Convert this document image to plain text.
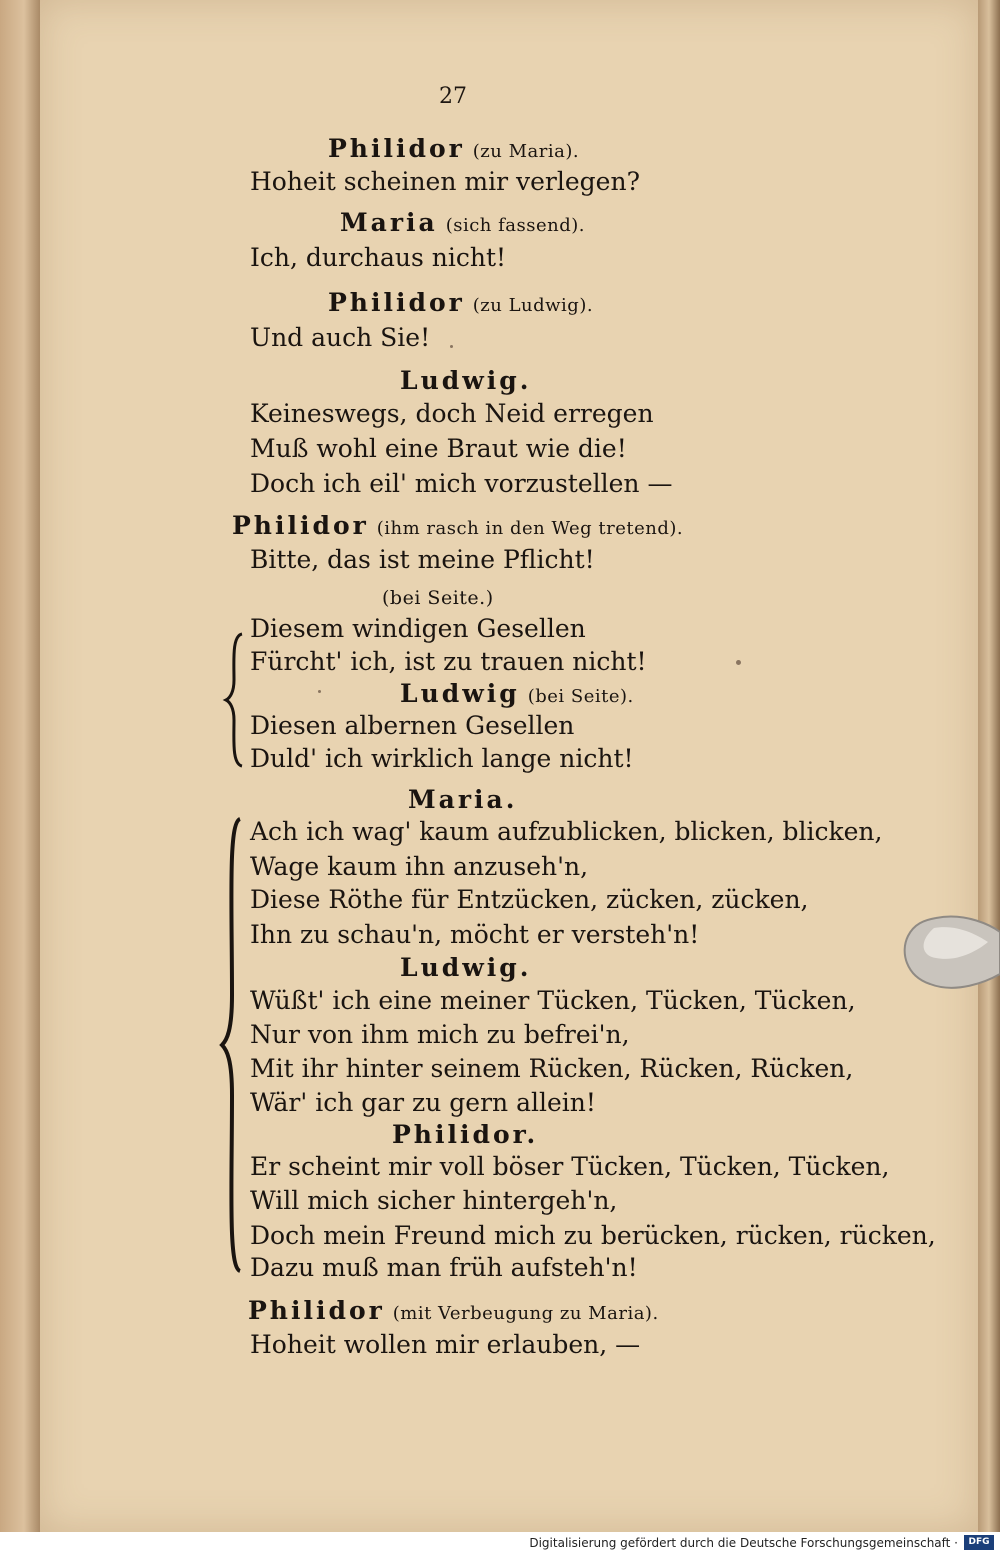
27
Philidor (zu Maria).
Hoheit scheinen mir verlegen?
Maria (sich fassend).
Ich, durchaus nicht!
Philidor (zu Ludwig).
Und auch Sie!
Ludwig.
Keineswegs, doch Neid erregen
Muß wohl eine Braut wie die!
Doch ich eil' mich vorzustellen —
Philidor (ihm rasch in den Weg tretend).
Bitte, das ist meine Pflicht!
(bei Seite.)
Diesem windigen Gesellen
Fürcht' ich, ist zu trauen nicht!
Ludwig (bei Seite).
Diesen albernen Gesellen
Duld' ich wirklich lange nicht!
Maria.
Ach ich wag' kaum aufzublicken, blicken, blicken,
Wage kaum ihn anzuseh'n,
Diese Röthe für Entzücken, zücken, zücken,
Ihn zu schau'n, möcht er versteh'n!
Ludwig.
Wüßt' ich eine meiner Tücken, Tücken, Tücken,
Nur von ihm mich zu befrei'n,
Mit ihr hinter seinem Rücken, Rücken, Rücken,
Wär' ich gar zu gern allein!
Philidor.
Er scheint mir voll böser Tücken, Tücken, Tücken,
Will mich sicher hintergeh'n,
Doch mein Freund mich zu berücken, rücken, rücken,
Dazu muß man früh aufsteh'n!
Philidor (mit Verbeugung zu Maria).
Hoheit wollen mir erlauben, —
Digitalisierung gefördert durch die Deutsche Forschungsgemeinschaft ·	DFG
